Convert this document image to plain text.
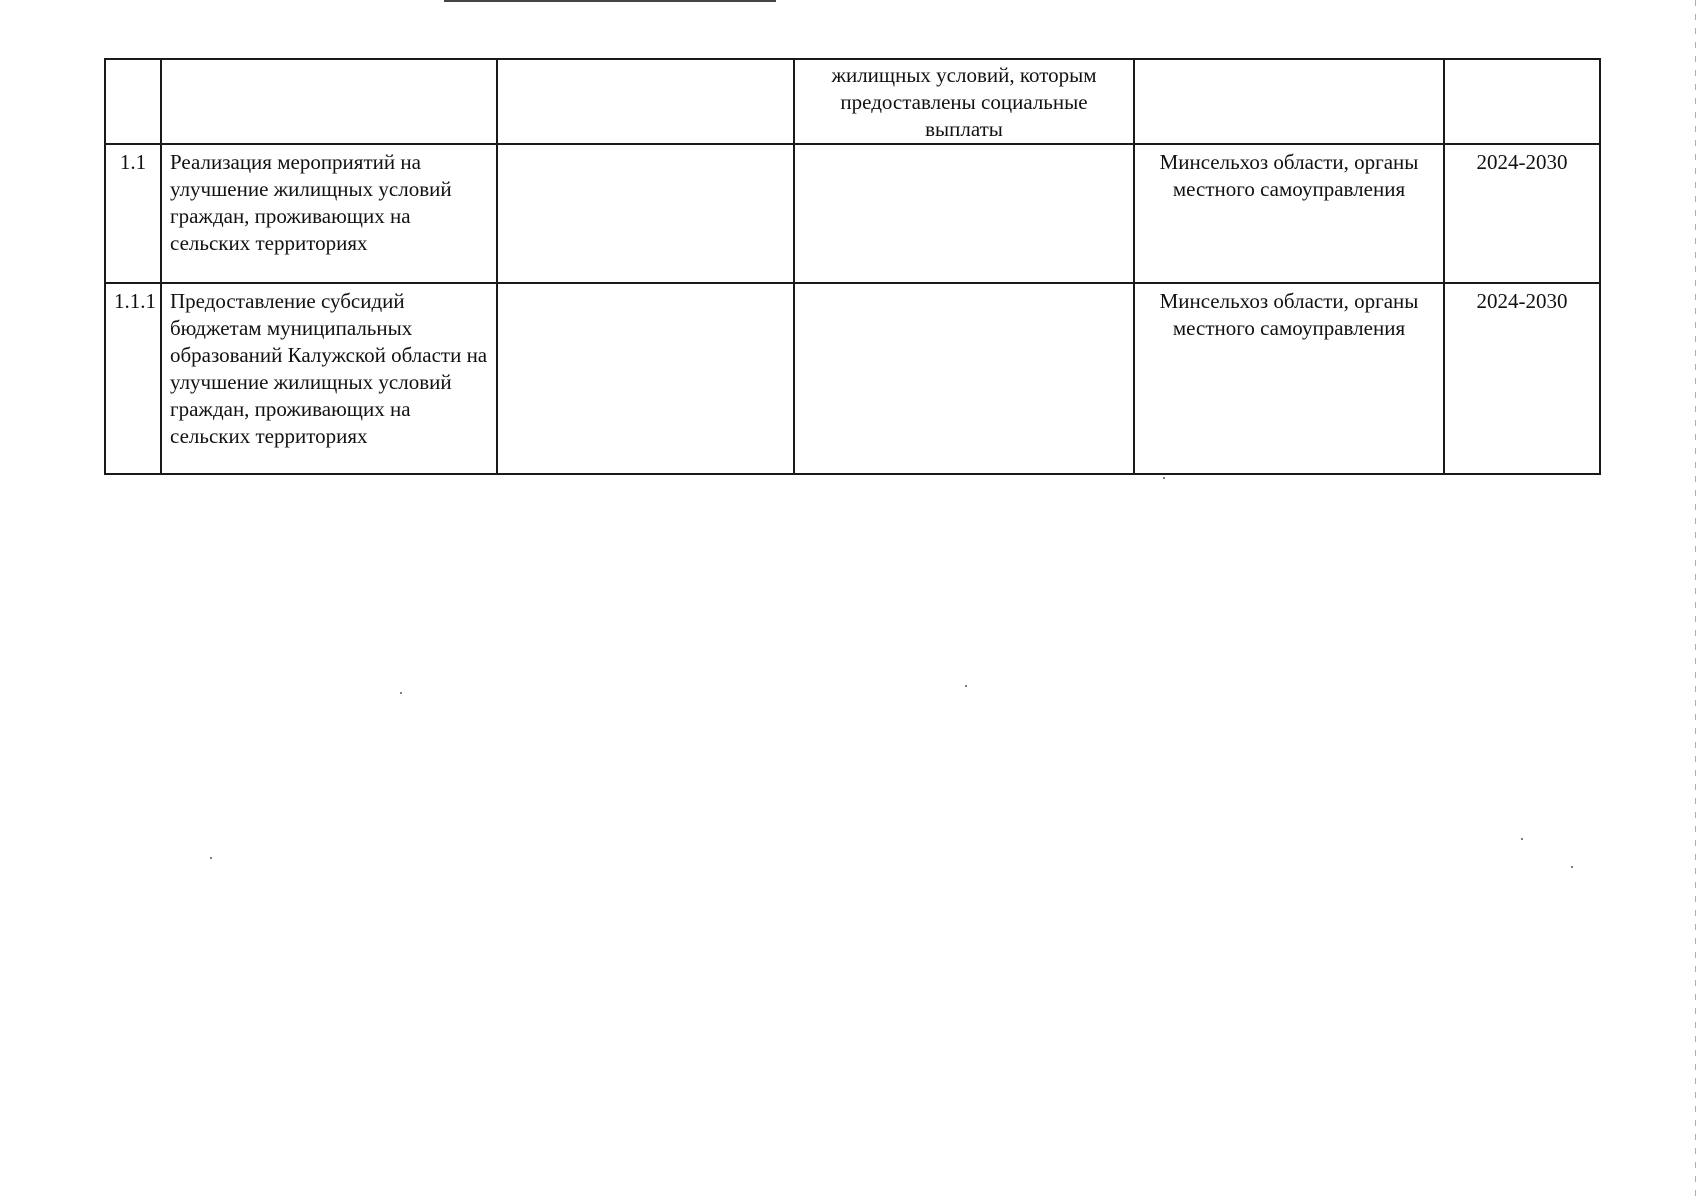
			жилищных условий, которым предоставлены социальные выплаты		
1.1	Реализация мероприятий на улучшение жилищных условий граждан, проживающих на сельских территориях			Минсельхоз области, органы местного самоуправления	2024-2030
1.1.1	Предоставление субсидий бюджетам муниципальных образований Калужской области на улучшение жилищных условий граждан, проживающих на сельских территориях			Минсельхоз области, органы местного самоуправления	2024-2030
